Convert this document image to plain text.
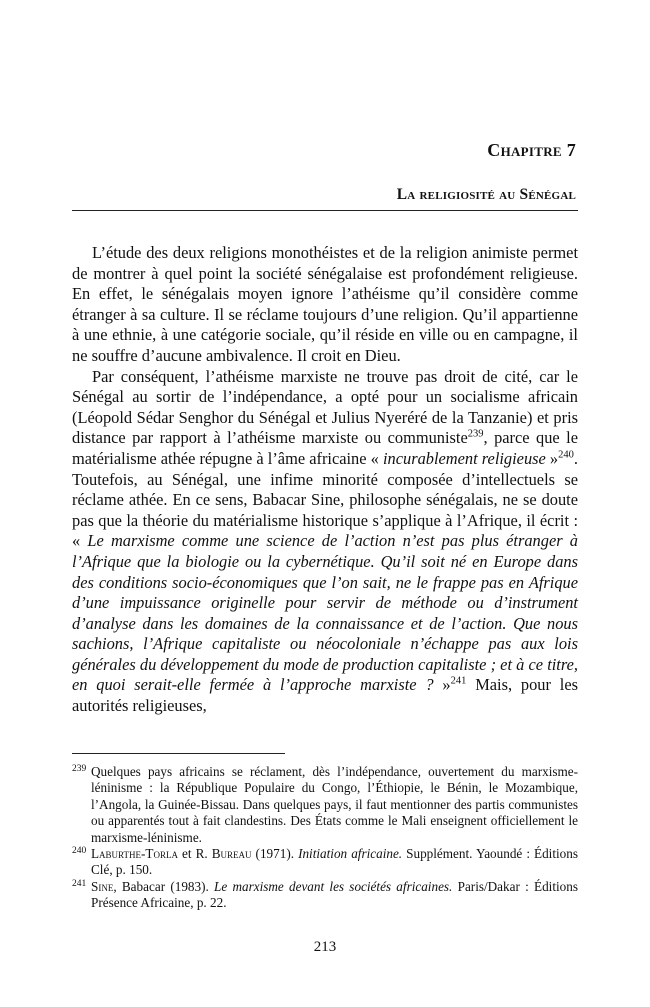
Chapitre 7
La religiosité au Sénégal

L’étude des deux religions monothéistes et de la religion animiste permet de montrer à quel point la société sénégalaise est profondément religieuse. En effet, le sénégalais moyen ignore l’athéisme qu’il considère comme étranger à sa culture. Il se réclame toujours d’une religion. Qu’il appartienne à une ethnie, à une catégorie sociale, qu’il réside en ville ou en campagne, il ne souffre d’aucune ambivalence. Il croit en Dieu.

Par conséquent, l’athéisme marxiste ne trouve pas droit de cité, car le Sénégal au sortir de l’indépendance, a opté pour un socialisme africain (Léopold Sédar Senghor du Sénégal et Julius Nyeréré de la Tanzanie) et pris distance par rapport à l’athéisme marxiste ou communiste$^{239}$, parce que le matérialisme athée répugne à l’âme africaine « incurablement religieuse »$^{240}$. Toutefois, au Sénégal, une infime minorité composée d’intellectuels se réclame athée. En ce sens, Babacar Sine, philosophe sénégalais, ne se doute pas que la théorie du matérialisme historique s’applique à l’Afrique, il écrit : « Le marxisme comme une science de l’action n’est pas plus étranger à l’Afrique que la biologie ou la cybernétique. Qu’il soit né en Europe dans des conditions socio-économiques que l’on sait, ne le frappe pas en Afrique d’une impuissance originelle pour servir de méthode ou d’instrument d’analyse dans les domaines de la connaissance et de l’action. Que nous sachions, l’Afrique capitaliste ou néocoloniale n’échappe pas aux lois générales du développement du mode de production capitaliste ; et à ce titre, en quoi serait-elle fermée à l’approche marxiste ? »$^{241}$ Mais, pour les autorités religieuses,

239 Quelques pays africains se réclament, dès l’indépendance, ouvertement du marxisme-léninisme : la République Populaire du Congo, l’Éthiopie, le Bénin, le Mozambique, l’Angola, la Guinée-Bissau. Dans quelques pays, il faut mentionner des partis communistes ou apparentés tout à fait clandestins. Des États comme le Mali enseignent officiellement le marxisme-léninisme.
240 Laburthe-Torla et R. Bureau (1971). Initiation africaine. Supplément. Yaoundé : Éditions Clé, p. 150.
241 Sine, Babacar (1983). Le marxisme devant les sociétés africaines. Paris/Dakar : Éditions Présence Africaine, p. 22.
213
